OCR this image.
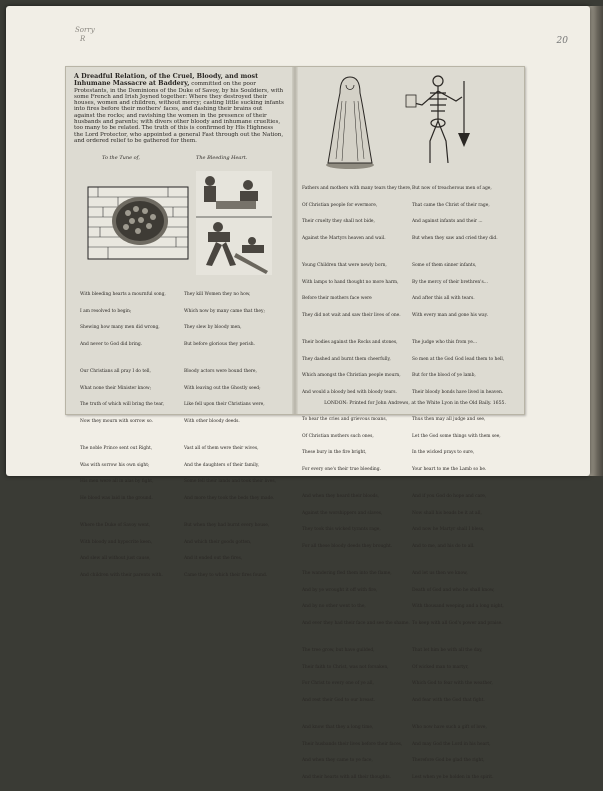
Sorry
R	20
A Dreadful Relation, of the Cruel, Bloody, and most Inhumane Massacre at Baddery, committed on the poor Protestants, in the Dominions of the Duke of Savoy, by his Souldiers, with some French and Irish Joyned together: Where they destroyed their houses, women and children, without mercy; casting little sucking infants into fires before their mothers' faces, and dashing their brains out against the rocks; and ravishing the women in the presence of their husbands and parents; with divers other bloody and inhumane cruelties, too many to be related. The truth of this is confirmed by His Highness the Lord Protector, who appointed a general Fast through out the Nation, and ordered relief to be gathered for them.
To the Tune of,	The Bleeding Heart.

With bleeding hearts a mournful song,

I am resolved to begin;

Shewing how many men did wrong,

And never to God did bring.

Our Christians all pray I do tell,

What none their Minister know;

The truth of which will bring the tear,

Now they mourn with sorrow so.

The noble Prince sent out Right,

Was with sorrow his own sight;

His men were all in alas by fight,

He blood was laid in the ground.

Where the Duke of Savoy went,

With bloody and hypocrite keen,

And slew all without just cause,

And children with their parents with.

They kill Women they no how,

Which now by many came that they;

They slew by bloody men,

But before glorious they perish.

Bloody actors were bound there,

With leaving out the Ghostly seed;

Like fell upon their Christians were,

With other bloody deeds.

Vast all of them were their wives,

And the daughters of their family,

Some fell their lands and took their lives,

And more they took the beds they made.

But when they had burnt every house,

And which their goods gotten,

And it ended out the fires,

Came they to which their fires found.

Fathers and mothers with many tears they there,

Of Christian people for evermore,

Their cruelty they shall not bide,

Against the Martyrs heaven and wail.

Young Children that were newly born,

With lamps to hand thought no more harm,

Before their mothers face were

They did not wait and saw their lives of one.

Their bodies against the Rocks and stones,

They dashed and burnt them cheerfully,

Which amongst the Christian people mourn,

And would a bloody bed with bloody tears.

To hear the cries and grievous moans,

Of Christian mothers such ones,

These bury in the fire bright,

For every one's their true bleeding.

And when they heard their bloods,

Against the worshippers and slaves,

They took this wicked tyrants rage,

For all these bloody deeds they brought.

The wandering fled them into the flame,

And by ye wrought it off with fire,

And by no other went to the,

And ever they had their face and see the shame.

The tree grow, but have guilded,

Their faith to Christ, was not forsaken,

For Christ to every one of ye all,

And rest their God to our breast.

And know that they a long time,

Their husbands their lives before their faces,

And when they came to ye face,

And their hearts with all their thoughts.

But now of treacherous men of age,

That came the Christ of their rage,

And against infants and their ...

But when they saw and cried they did.

Some of them sinner infants,

By the mercy of their brethren's...

And after this all with tears.

With every man and gone his way.

The judge who this from ye...

So men at the God God lead them to hell,

But for the blood of ye lamb,

Their bloody bonds have lived in heaven.

Thus then may all judge and see,

Let the God some things with them see,

In the wicked prays to sure,

Your heart to me the Lamb so be.

And if you God do hope and care,

Now shall his beads be it at all,

And now he Martyr shall I bless,

And to me, and his do to all.

And let us then we know,

Death of God and who he shall know,

With thousand weeping and a long night,

To keep with all God's power and praise.

That let him be with all the day,

Of wicked man to martyr,

Which God to fear with the weather,

And fear with the God that fight.

Who now have such a gift of love,

And may God the Lord in his heart,

Therefore God be glad the right,

Lest when ye be holden in the spirit.

LONDON: Printed for John Andrews, at the White Lyon in the Old Baily. 1655.
